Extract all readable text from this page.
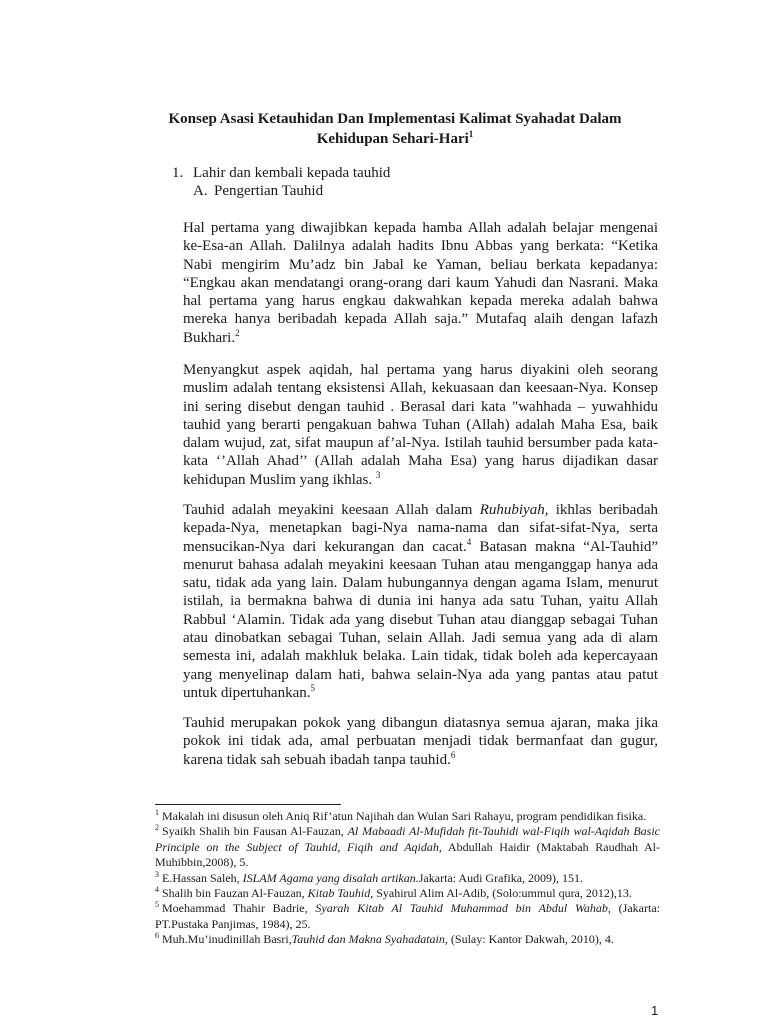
Konsep Asasi Ketauhidan Dan Implementasi Kalimat Syahadat Dalam
Kehidupan Sehari-Hari$^1$
1. Lahir dan kembali kepada tauhid
A. Pengertian Tauhid

Hal pertama yang diwajibkan kepada hamba Allah adalah belajar mengenai ke-Esa-an Allah. Dalilnya adalah hadits Ibnu Abbas yang berkata: “Ketika Nabi mengirim Mu’adz bin Jabal ke Yaman, beliau berkata kepadanya: “Engkau akan mendatangi orang-orang dari kaum Yahudi dan Nasrani. Maka hal pertama yang harus engkau dakwahkan kepada mereka adalah bahwa mereka hanya beribadah kepada Allah saja.” Mutafaq alaih dengan lafazh Bukhari.$^2$

Menyangkut aspek aqidah, hal pertama yang harus diyakini oleh seorang muslim adalah tentang eksistensi Allah, kekuasaan dan keesaan-Nya. Konsep ini sering disebut dengan tauhid . Berasal dari kata "wahhada – yuwahhidu tauhid yang berarti pengakuan bahwa Tuhan (Allah) adalah Maha Esa, baik dalam wujud, zat, sifat maupun af’al-Nya. Istilah tauhid bersumber pada kata-kata ‘’Allah Ahad’’ (Allah adalah Maha Esa) yang harus dijadikan dasar kehidupan Muslim yang ikhlas. $^3$

Tauhid adalah meyakini keesaan Allah dalam Ruhubiyah, ikhlas beribadah kepada-Nya, menetapkan bagi-Nya nama-nama dan sifat-sifat-Nya, serta mensucikan-Nya dari kekurangan dan cacat.$^4$ Batasan makna “Al-Tauhid” menurut bahasa adalah meyakini keesaan Tuhan atau menganggap hanya ada satu, tidak ada yang lain. Dalam hubungannya dengan agama Islam, menurut istilah, ia bermakna bahwa di dunia ini hanya ada satu Tuhan, yaitu Allah Rabbul ‘Alamin. Tidak ada yang disebut Tuhan atau dianggap sebagai Tuhan atau dinobatkan sebagai Tuhan, selain Allah. Jadi semua yang ada di alam semesta ini, adalah makhluk belaka. Lain tidak, tidak boleh ada kepercayaan yang menyelinap dalam hati, bahwa selain-Nya ada yang pantas atau patut untuk dipertuhankan.$^5$

Tauhid merupakan pokok yang dibangun diatasnya semua ajaran, maka jika pokok ini tidak ada, amal perbuatan menjadi tidak bermanfaat dan gugur, karena tidak sah sebuah ibadah tanpa tauhid.$^6$

$^1$ Makalah ini disusun oleh Aniq Rif’atun Najihah dan Wulan Sari Rahayu, program pendidikan fisika.

$^2$ Syaikh Shalih bin Fausan Al-Fauzan, Al Mabaadi Al-Mufidah fit-Tauhidi wal-Fiqih wal-Aqidah Basic Principle on the Subject of Tauhid, Fiqih and Aqidah, Abdullah Haidir (Maktabah Raudhah Al-Muhibbin,2008), 5.

$^3$ E.Hassan Saleh, ISLAM Agama yang disalah artikan.Jakarta: Audi Grafika, 2009), 151.

$^4$ Shalih bin Fauzan Al-Fauzan, Kitab Tauhid, Syahirul Alim Al-Adib, (Solo:ummul qura, 2012),13.

$^5$ Moehammad Thahir Badrie, Syarah Kitab Al Tauhid Muhammad bin Abdul Wahab, (Jakarta: PT.Pustaka Panjimas, 1984), 25.

$^6$ Muh.Mu’inudinillah Basri,Tauhid dan Makna Syahadatain, (Sulay: Kantor Dakwah, 2010), 4.

1
